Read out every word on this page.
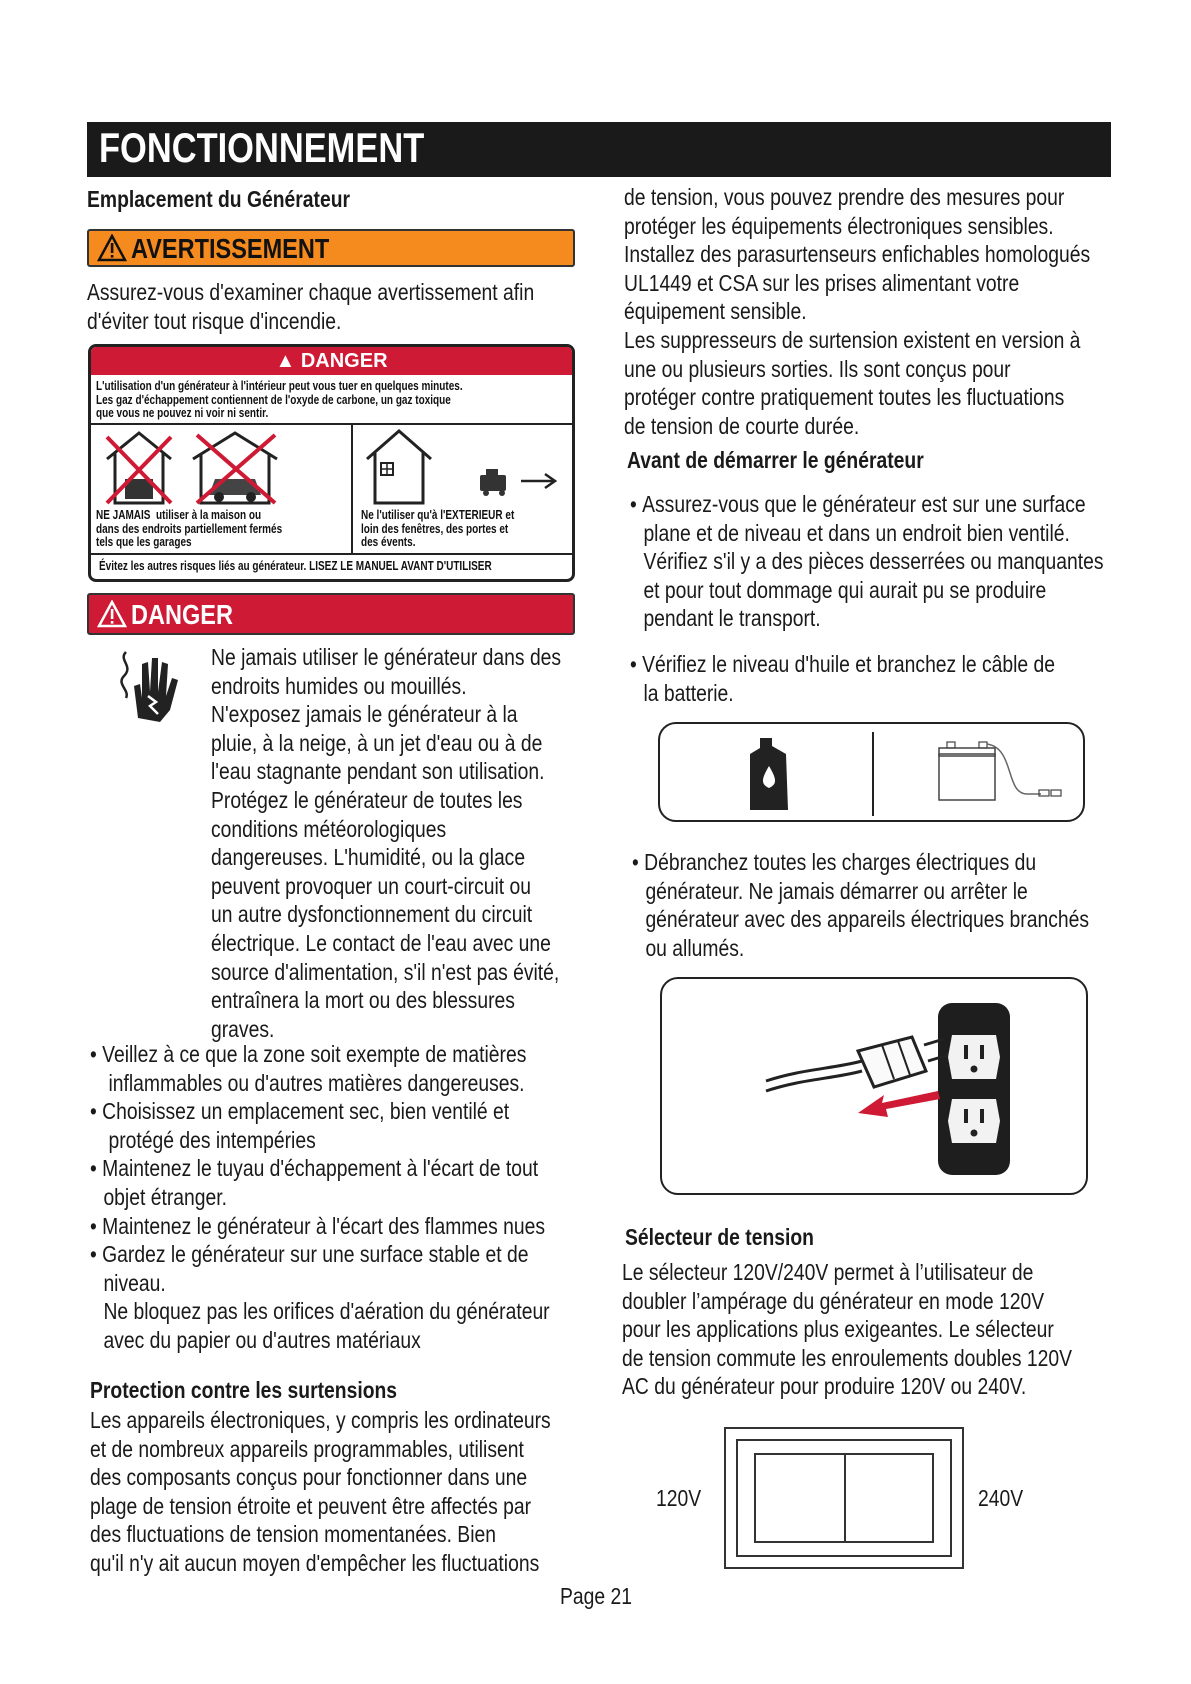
FONCTIONNEMENT
Emplacement du Générateur
AVERTISSEMENT
Assurez-vous d'examiner chaque avertissement afin
d'éviter tout risque d'incendie.
▲ DANGER
L'utilisation d'un générateur à l'intérieur peut vous tuer en quelques minutes.
Les gaz d'échappement contiennent de l'oxyde de carbone, un gaz toxique
que vous ne pouvez ni voir ni sentir.
NE JAMAIS utiliser à la maison ou
dans des endroits partiellement fermés
tels que les garages
Ne l'utiliser qu'à l'EXTERIEUR et
loin des fenêtres, des portes et
des évents.
Évitez les autres risques liés au générateur. LISEZ LE MANUEL AVANT D'UTILISER
DANGER
Ne jamais utiliser le générateur dans des
endroits humides ou mouillés.
N'exposez jamais le générateur à la
pluie, à la neige, à un jet d'eau ou à de
l'eau stagnante pendant son utilisation.
Protégez le générateur de toutes les
conditions météorologiques
dangereuses. L'humidité, ou la glace
peuvent provoquer un court-circuit ou
un autre dysfonctionnement du circuit
électrique. Le contact de l'eau avec une
source d'alimentation, s'il n'est pas évité,
entraînera la mort ou des blessures
graves.
• Veillez à ce que la zone soit exempte de matières
inflammables ou d'autres matières dangereuses.
• Choisissez un emplacement sec, bien ventilé et
protégé des intempéries
• Maintenez le tuyau d'échappement à l'écart de tout
objet étranger.
• Maintenez le générateur à l'écart des flammes nues
• Gardez le générateur sur une surface stable et de
niveau.
Ne bloquez pas les orifices d'aération du générateur
avec du papier ou d'autres matériaux
Protection contre les surtensions
Les appareils électroniques, y compris les ordinateurs
et de nombreux appareils programmables, utilisent
des composants conçus pour fonctionner dans une
plage de tension étroite et peuvent être affectés par
des fluctuations de tension momentanées. Bien
qu'il n'y ait aucun moyen d'empêcher les fluctuations
de tension, vous pouvez prendre des mesures pour
protéger les équipements électroniques sensibles.
Installez des parasurtenseurs enfichables homologués
UL1449 et CSA sur les prises alimentant votre
équipement sensible.
Les suppresseurs de surtension existent en version à
une ou plusieurs sorties. Ils sont conçus pour
protéger contre pratiquement toutes les fluctuations
de tension de courte durée.
Avant de démarrer le générateur
• Assurez-vous que le générateur est sur une surface
plane et de niveau et dans un endroit bien ventilé.
Vérifiez s'il y a des pièces desserrées ou manquantes
et pour tout dommage qui aurait pu se produire
pendant le transport.
• Vérifiez le niveau d'huile et branchez le câble de
la batterie.
• Débranchez toutes les charges électriques du
générateur. Ne jamais démarrer ou arrêter le
générateur avec des appareils électriques branchés
ou allumés.
Sélecteur de tension
Le sélecteur 120V/240V permet à l’utilisateur de
doubler l’ampérage du générateur en mode 120V
pour les applications plus exigeantes. Le sélecteur
de tension commute les enroulements doubles 120V
AC du générateur pour produire 120V ou 240V.
120V	240V
Page 21
